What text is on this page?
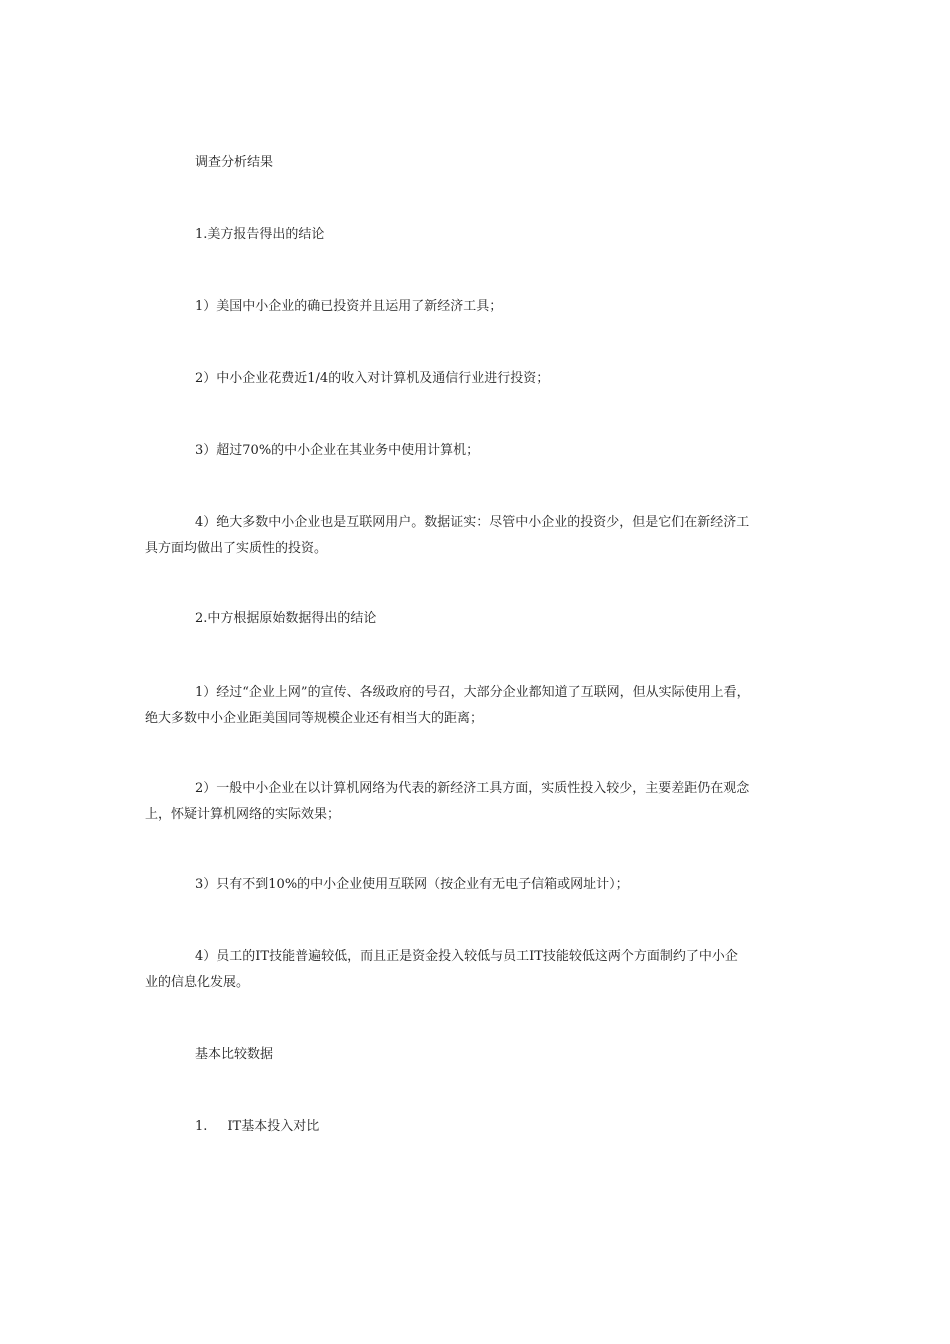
调查分析结果
1.美方报告得出的结论
1）美国中小企业的确已投资并且运用了新经济工具；
2）中小企业花费近1/4的收入对计算机及通信行业进行投资；
3）超过70%的中小企业在其业务中使用计算机；
4）绝大多数中小企业也是互联网用户。数据证实：尽管中小企业的投资少，但是它们在新经济工
具方面均做出了实质性的投资。
2.中方根据原始数据得出的结论
1）经过“企业上网”的宣传、各级政府的号召，大部分企业都知道了互联网，但从实际使用上看，
绝大多数中小企业距美国同等规模企业还有相当大的距离；
2）一般中小企业在以计算机网络为代表的新经济工具方面，实质性投入较少，主要差距仍在观念
上，怀疑计算机网络的实际效果；
3）只有不到10%的中小企业使用互联网（按企业有无电子信箱或网址计）；
4）员工的IT技能普遍较低，而且正是资金投入较低与员工IT技能较低这两个方面制约了中小企
业的信息化发展。
基本比较数据
1. IT基本投入对比
